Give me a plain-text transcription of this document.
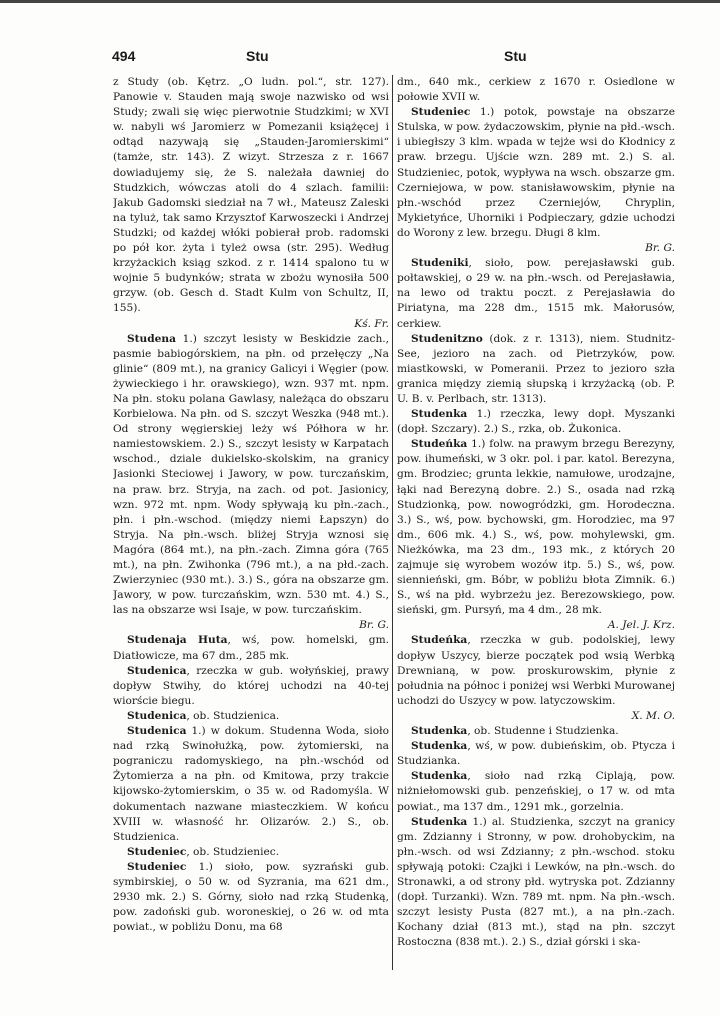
494	Stu	Stu

z Study (ob. Kętrz. „O ludn. pol.“, str. 127). Panowie v. Stauden mają swoje nazwisko od wsi Study; zwali się więc pierwotnie Studzkimi; w XVI w. nabyli wś Jaromierz w Pomezanii książęcej i odtąd nazywają się „Stauden-Jaromierskimi“ (tamże, str. 143). Z wizyt. Strzesza z r. 1667 dowiadujemy się, że S. należała dawniej do Studzkich, wówczas atoli do 4 szlach. familii: Jakub Gadomski siedział na 7 wł., Mateusz Zaleski na tyluż, tak samo Krzysztof Karwoszecki i Andrzej Studzki; od każdej włóki pobierał prob. radomski po pół kor. żyta i tyleż owsa (str. 295). Według krzyżackich ksiąg szkod. z r. 1414 spalono tu w wojnie 5 budynków; strata w zbożu wynosiła 500 grzyw. (ob. Gesch d. Stadt Kulm von Schultz, II, 155).

Kś. Fr.

Studena 1.) szczyt lesisty w Beskidzie zach., pasmie babiogórskiem, na płn. od przełęczy „Na glinie“ (809 mt.), na granicy Galicyi i Węgier (pow. żywieckiego i hr. orawskiego), wzn. 937 mt. npm. Na płn. stoku polana Gawlasy, należąca do obszaru Korbielowa. Na płn. od S. szczyt Weszka (948 mt.). Od strony węgierskiej leży wś Półhora w hr. namiestowskiem. 2.) S., szczyt lesisty w Karpatach wschod., dziale dukielsko-skolskim, na granicy Jasionki Steciowej i Jawory, w pow. turczańskim, na praw. brz. Stryja, na zach. od pot. Jasionicy, wzn. 972 mt. npm. Wody spływają ku płn.-zach., płn. i płn.-wschod. (między niemi Łapszyn) do Stryja. Na płn.-wsch. bliżej Stryja wznosi się Magóra (864 mt.), na płn.-zach. Zimna góra (765 mt.), na płn. Zwihonka (796 mt.), a na płd.-zach. Zwierzyniec (930 mt.). 3.) S., góra na obszarze gm. Jawory, w pow. turczańskim, wzn. 530 mt. 4.) S., las na obszarze wsi Isaje, w pow. turczańskim.

Br. G.

Studenaja Huta, wś, pow. homelski, gm. Diatłowicze, ma 67 dm., 285 mk.

Studenica, rzeczka w gub. wołyńskiej, prawy dopływ Stwihy, do której uchodzi na 40-tej wiorście biegu.

Studenica, ob. Studzienica.

Studenica 1.) w dokum. Studenna Woda, sioło nad rzką Swinołużką, pow. żytomierski, na pograniczu radomyskiego, na płn.-wschód od Żytomierza a na płn. od Kmitowa, przy trakcie kijowsko-żytomierskim, o 35 w. od Radomyśla. W dokumentach nazwane miasteczkiem. W końcu XVIII w. własność hr. Olizarów. 2.) S., ob. Studzienica.

Studeniec, ob. Studzieniec.

Studeniec 1.) sioło, pow. syzrański gub. symbirskiej, o 50 w. od Syzrania, ma 621 dm., 2930 mk. 2.) S. Górny, sioło nad rzką Studenką, pow. zadoński gub. woroneskiej, o 26 w. od mta powiat., w pobliżu Donu, ma 68

dm., 640 mk., cerkiew z 1670 r. Osiedlone w połowie XVII w.

Studeniec 1.) potok, powstaje na obszarze Stulska, w pow. żydaczowskim, płynie na płd.-wsch. i ubiegłszy 3 klm. wpada w tejże wsi do Kłodnicy z praw. brzegu. Ujście wzn. 289 mt. 2.) S. al. Studzieniec, potok, wypływa na wsch. obszarze gm. Czerniejowa, w pow. stanisławowskim, płynie na płn.-wschód przez Czerniejów, Chryplin, Mykietyńce, Uhorniki i Podpieczary, gdzie uchodzi do Worony z lew. brzegu. Długi 8 klm.

Br. G.

Studeniki, sioło, pow. perejasławski gub. połtawskiej, o 29 w. na płn.-wsch. od Perejasławia, na lewo od traktu poczt. z Perejasławia do Piriatyna, ma 228 dm., 1515 mk. Małorusów, cerkiew.

Studenitzno (dok. z r. 1313), niem. Studnitz-See, jezioro na zach. od Pietrzyków, pow. miastkowski, w Pomeranii. Przez to jezioro szła granica między ziemią słupską i krzyżacką (ob. P. U. B. v. Perlbach, str. 1313).

Studenka 1.) rzeczka, lewy dopł. Myszanki (dopł. Szczary). 2.) S., rzka, ob. Żukonica.

Studeńka 1.) folw. na prawym brzegu Berezyny, pow. ihumeński, w 3 okr. pol. i par. katol. Berezyna, gm. Brodziec; grunta lekkie, namułowe, urodzajne, łąki nad Berezyną dobre. 2.) S., osada nad rzką Studzionką, pow. nowogródzki, gm. Horodeczna. 3.) S., wś, pow. bychowski, gm. Horodziec, ma 97 dm., 606 mk. 4.) S., wś, pow. mohylewski, gm. Nieżkówka, ma 23 dm., 193 mk., z których 20 zajmuje się wyrobem wozów itp. 5.) S., wś, pow. siennieński, gm. Bóbr, w pobliżu błota Zimnik. 6.) S., wś na płd. wybrzeżu jez. Berezowskiego, pow. sieński, gm. Pursyń, ma 4 dm., 28 mk.

A. Jel. J. Krz.

Studeńka, rzeczka w gub. podolskiej, lewy dopływ Uszycy, bierze początek pod wsią Werbką Drewnianą, w pow. proskurowskim, płynie z południa na północ i poniżej wsi Werbki Murowanej uchodzi do Uszycy w pow. latyczowskim.

X. M. O.

Studenka, ob. Studenne i Studzienka.

Studenka, wś, w pow. dubieńskim, ob. Ptycza i Studzianka.

Studenka, sioło nad rzką Ciplają, pow. niżniełomowski gub. penzeńskiej, o 17 w. od mta powiat., ma 137 dm., 1291 mk., gorzelnia.

Studenka 1.) al. Studzienka, szczyt na granicy gm. Zdzianny i Stronny, w pow. drohobyckim, na płn.-wsch. od wsi Zdzianny; z płn.-wschod. stoku spływają potoki: Czajki i Lewków, na płn.-wsch. do Stronawki, a od strony płd. wytryska pot. Zdzianny (dopł. Turzanki). Wzn. 789 mt. npm. Na płn.-wsch. szczyt lesisty Pusta (827 mt.), a na płn.-zach. Kochany dział (813 mt.), stąd na płn. szczyt Rostoczna (838 mt.). 2.) S., dział górski i ska-
